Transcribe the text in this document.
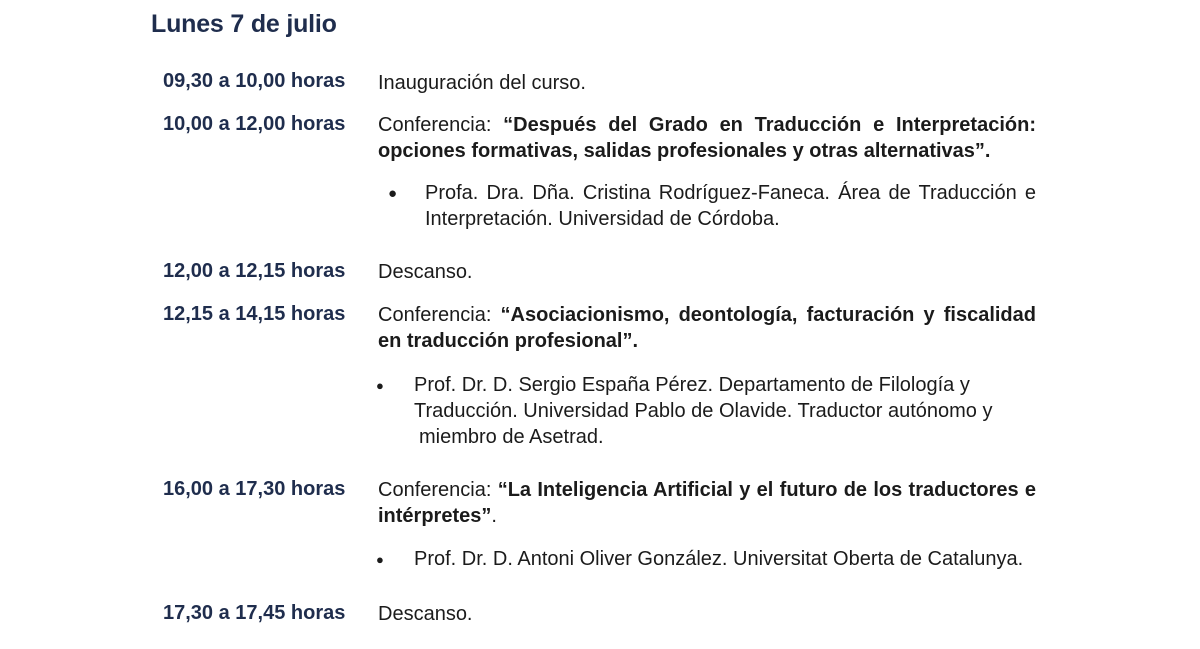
Lunes 7 de julio
09,30 a 10,00 horas	Inauguración del curso.
10,00 a 12,00 horas	Conferencia: “Después del Grado en Traducción e Interpretación: opciones formativas, salidas profesionales y otras alternativas”.
● Profa. Dra. Dña. Cristina Rodríguez-Faneca. Área de Traducción e Interpretación. Universidad de Córdoba.
12,00 a 12,15 horas	Descanso.
12,15 a 14,15 horas	Conferencia: “Asociacionismo, deontología, facturación y fiscalidad en traducción profesional”.
● Prof. Dr. D. Sergio España Pérez. Departamento de Filología y
Traducción. Universidad Pablo de Olavide. Traductor autónomo y
miembro de Asetrad.
16,00 a 17,30 horas	Conferencia: “La Inteligencia Artificial y el futuro de los traductores e intérpretes”.
● Prof. Dr. D. Antoni Oliver González. Universitat Oberta de Catalunya.
17,30 a 17,45 horas	Descanso.
